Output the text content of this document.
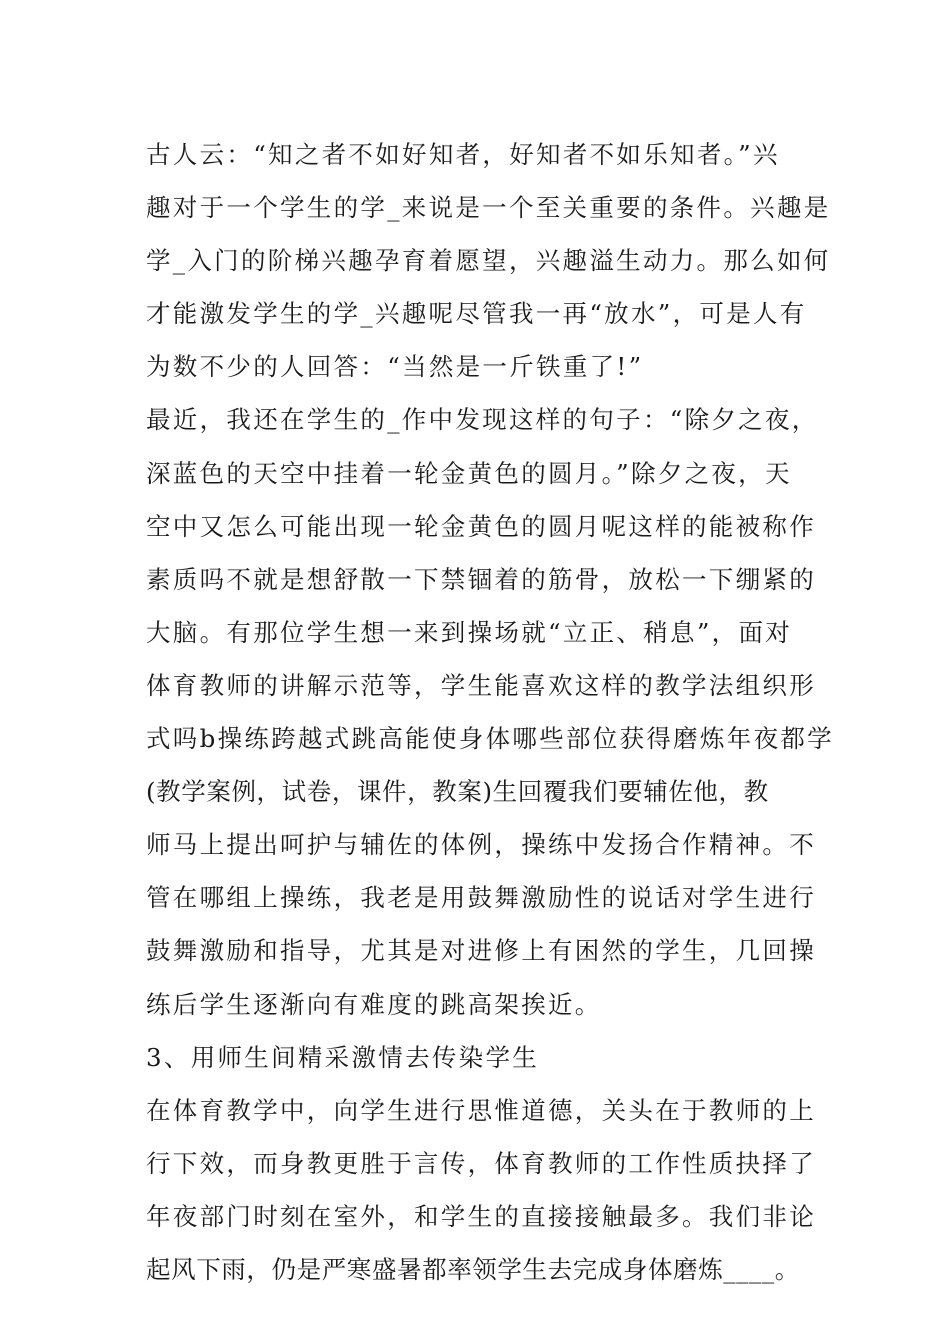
古人云：“知之者不如好知者，好知者不如乐知者。”兴
趣对于一个学生的学_来说是一个至关重要的条件。兴趣是
学_入门的阶梯兴趣孕育着愿望，兴趣溢生动力。那么如何
才能激发学生的学_兴趣呢尽管我一再“放水”，可是人有
为数不少的人回答：“当然是一斤铁重了!”
最近，我还在学生的_作中发现这样的句子：“除夕之夜，
深蓝色的天空中挂着一轮金黄色的圆月。”除夕之夜，天
空中又怎么可能出现一轮金黄色的圆月呢这样的能被称作
素质吗不就是想舒散一下禁锢着的筋骨，放松一下绷紧的
大脑。有那位学生想一来到操场就“立正、稍息”，面对
体育教师的讲解示范等，学生能喜欢这样的教学法组织形
式吗b操练跨越式跳高能使身体哪些部位获得磨炼年夜都学
(教学案例，试卷，课件，教案)生回覆我们要辅佐他，教
师马上提出呵护与辅佐的体例，操练中发扬合作精神。不
管在哪组上操练，我老是用鼓舞激励性的说话对学生进行
鼓舞激励和指导，尤其是对进修上有困然的学生，几回操
练后学生逐渐向有难度的跳高架挨近。
3、用师生间精采激情去传染学生
在体育教学中，向学生进行思惟道德，关头在于教师的上
行下效，而身教更胜于言传，体育教师的工作性质抉择了
年夜部门时刻在室外，和学生的直接接触最多。我们非论
起风下雨，仍是严寒盛暑都率领学生去完成身体磨炼____。
